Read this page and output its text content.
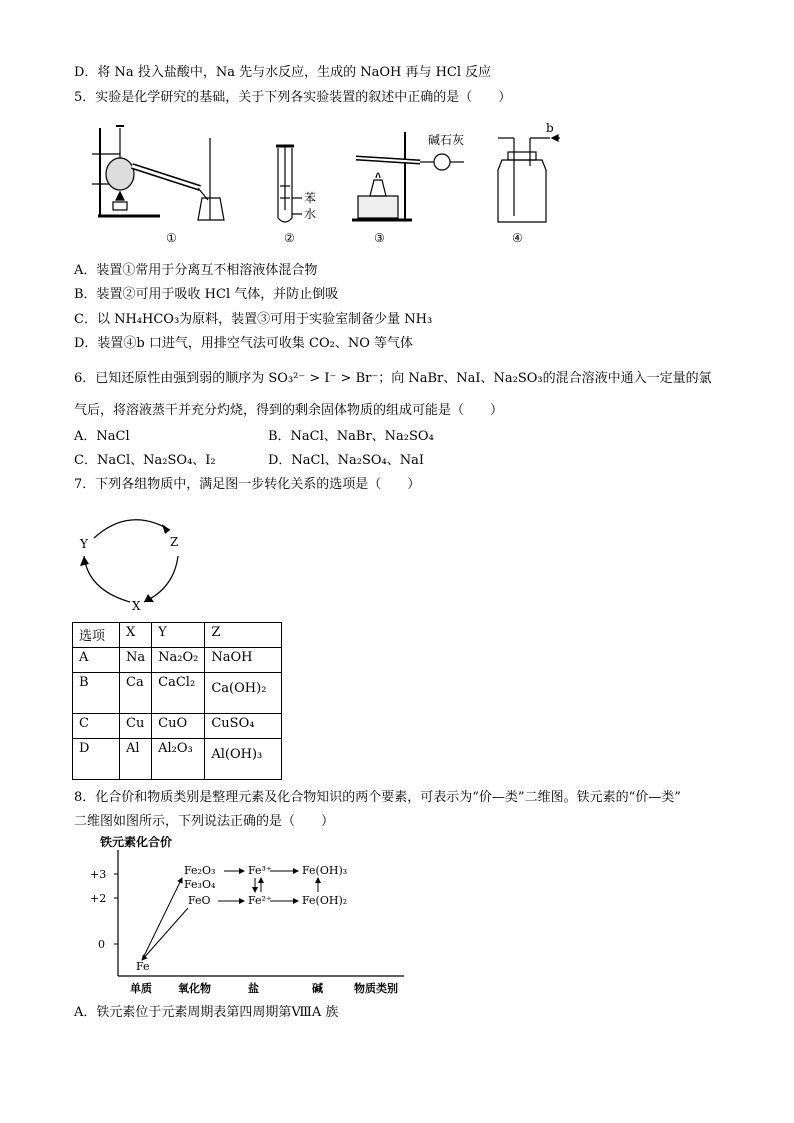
D．将 Na 投入盐酸中，Na 先与水反应，生成的 NaOH 再与 HCl 反应
5．实验是化学研究的基础，关于下列各实验装置的叙述中正确的是（　　）
①
苯
水
②
碱石灰
③
b
④
A．装置①常用于分离互不相溶液体混合物
B．装置②可用于吸收 HCl 气体，并防止倒吸
C．以 NH₄HCO₃为原料，装置③可用于实验室制备少量 NH₃
D．装置④b 口进气，用排空气法可收集 CO₂、NO 等气体
6．已知还原性由强到弱的顺序为 SO₃²⁻ > I⁻ > Br⁻；向 NaBr、NaI、Na₂SO₃的混合溶液中通入一定量的氯
气后，将溶液蒸干并充分灼烧，得到的剩余固体物质的组成可能是（　　）
A．NaCl	B．NaCl、NaBr、Na₂SO₄
C．NaCl、Na₂SO₄、I₂	D．NaCl、Na₂SO₄、NaI
7．下列各组物质中，满足图一步转化关系的选项是（　　）
Y	Z
X
选项	X	Y	Z
A	Na	Na₂O₂	NaOH
B	Ca	CaCl₂	Ca(OH)₂
C	Cu	CuO	CuSO₄
D	Al	Al₂O₃	Al(OH)₃
8．化合价和物质类别是整理元素及化合物知识的两个要素，可表示为“价—类”二维图。铁元素的“价—类”
二维图如图所示，下列说法正确的是（　　）
铁元素化合价
+3
+2
0
单质 氧化物	盐	碱	物质类别
Fe₂O₃
Fe₃O₄
FeO
Fe³⁺
Fe²⁺
Fe(OH)₃
Fe(OH)₂
Fe
A．铁元素位于元素周期表第四周期第ⅧA 族
